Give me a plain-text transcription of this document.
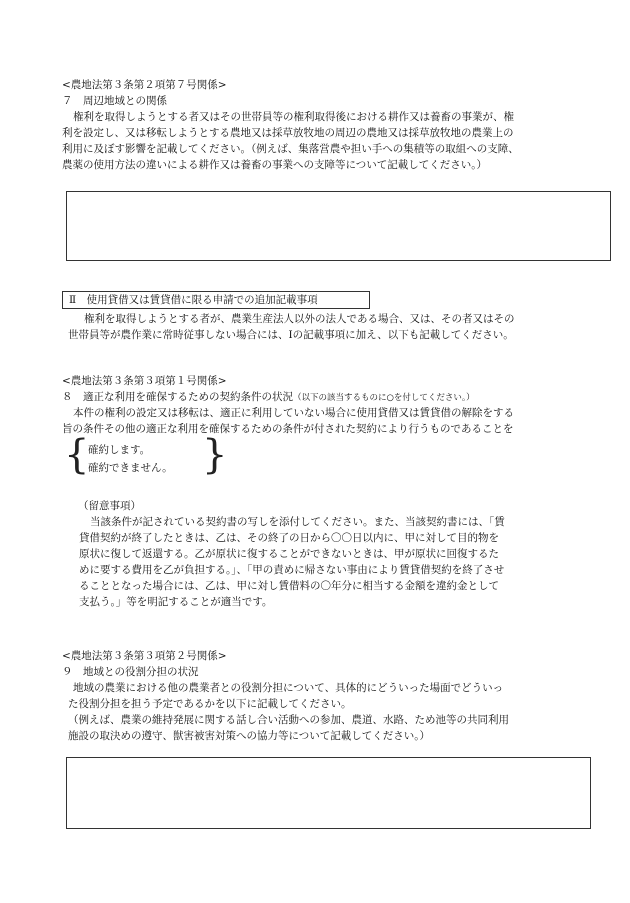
<農地法第３条第２項第７号関係>
７　周辺地域との関係
権利を取得しようとする者又はその世帯員等の権利取得後における耕作又は養畜の事業が、権
利を設定し、又は移転しようとする農地又は採草放牧地の周辺の農地又は採草放牧地の農業上の
利用に及ぼす影響を記載してください。（例えば、集落営農や担い手への集積等の取組への支障、
農薬の使用方法の違いによる耕作又は養畜の事業への支障等について記載してください。）
Ⅱ　使用貸借又は賃貸借に限る申請での追加記載事項
権利を取得しようとする者が、農業生産法人以外の法人である場合、又は、その者又はその
世帯員等が農作業に常時従事しない場合には、Ⅰの記載事項に加え、以下も記載してください。
<農地法第３条第３項第１号関係>
８　適正な利用を確保するための契約条件の状況（以下の該当するものに○を付してください。）
本件の権利の設定又は移転は、適正に利用していない場合に使用貸借又は賃貸借の解除をする
旨の条件その他の適正な利用を確保するための条件が付された契約により行うものであることを
{
確約します。
確約できません。 }
（留意事項）
当該条件が記されている契約書の写しを添付してください。また、当該契約書には、「賃
貸借契約が終了したときは、乙は、その終了の日から〇〇日以内に、甲に対して目的物を
原状に復して返還する。乙が原状に復することができないときは、甲が原状に回復するた
めに要する費用を乙が負担する。」、「甲の責めに帰さない事由により賃貸借契約を終了させ
ることとなった場合には、乙は、甲に対し賃借料の〇年分に相当する金額を違約金として
支払う。」等を明記することが適当です。
<農地法第３条第３項第２号関係>
９　地域との役割分担の状況
地域の農業における他の農業者との役割分担について、具体的にどういった場面でどういっ
た役割分担を担う予定であるかを以下に記載してください。
（例えば、農業の維持発展に関する話し合い活動への参加、農道、水路、ため池等の共同利用
施設の取決めの遵守、獣害被害対策への協力等について記載してください。）
